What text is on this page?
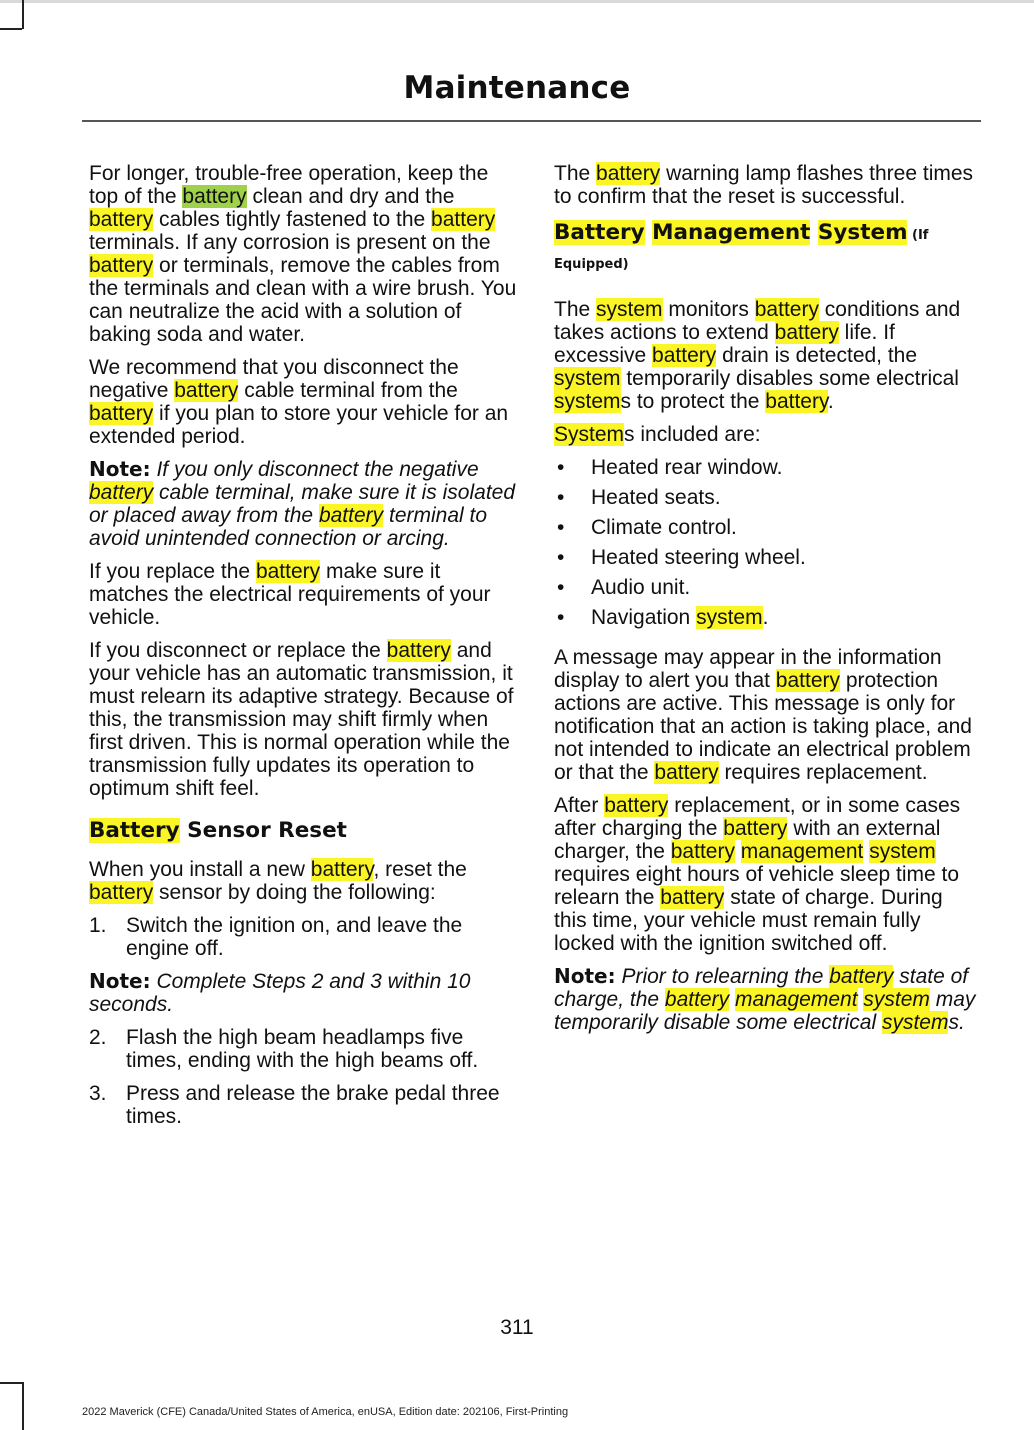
Maintenance

For longer, trouble-free operation, keep the top of the battery clean and dry and the battery cables tightly fastened to the battery terminals. If any corrosion is present on the battery or terminals, remove the cables from the terminals and clean with a wire brush. You can neutralize the acid with a solution of baking soda and water.

We recommend that you disconnect the negative battery cable terminal from the battery if you plan to store your vehicle for an extended period.

Note: If you only disconnect the negative battery cable terminal, make sure it is isolated or placed away from the battery terminal to avoid unintended connection or arcing.

If you replace the battery make sure it matches the electrical requirements of your vehicle.

If you disconnect or replace the battery and your vehicle has an automatic transmission, it must relearn its adaptive strategy. Because of this, the transmission may shift firmly when first driven. This is normal operation while the transmission fully updates its operation to optimum shift feel.

Battery Sensor Reset

When you install a new battery, reset the battery sensor by doing the following:

1. Switch the ignition on, and leave the engine off.

Note: Complete Steps 2 and 3 within 10 seconds.

2. Flash the high beam headlamps five times, ending with the high beams off.
3. Press and release the brake pedal three times.

The battery warning lamp flashes three times to confirm that the reset is successful.

Battery Management System (If Equipped)

The system monitors battery conditions and takes actions to extend battery life. If excessive battery drain is detected, the system temporarily disables some electrical systems to protect the battery.

Systems included are:

• Heated rear window.
• Heated seats.
• Climate control.
• Heated steering wheel.
• Audio unit.
• Navigation system.

A message may appear in the information display to alert you that battery protection actions are active. This message is only for notification that an action is taking place, and not intended to indicate an electrical problem or that the battery requires replacement.

After battery replacement, or in some cases after charging the battery with an external charger, the battery management system requires eight hours of vehicle sleep time to relearn the battery state of charge. During this time, your vehicle must remain fully locked with the ignition switched off.

Note: Prior to relearning the battery state of charge, the battery management system may temporarily disable some electrical systems.

311
2022 Maverick (CFE) Canada/United States of America, enUSA, Edition date: 202106, First-Printing
